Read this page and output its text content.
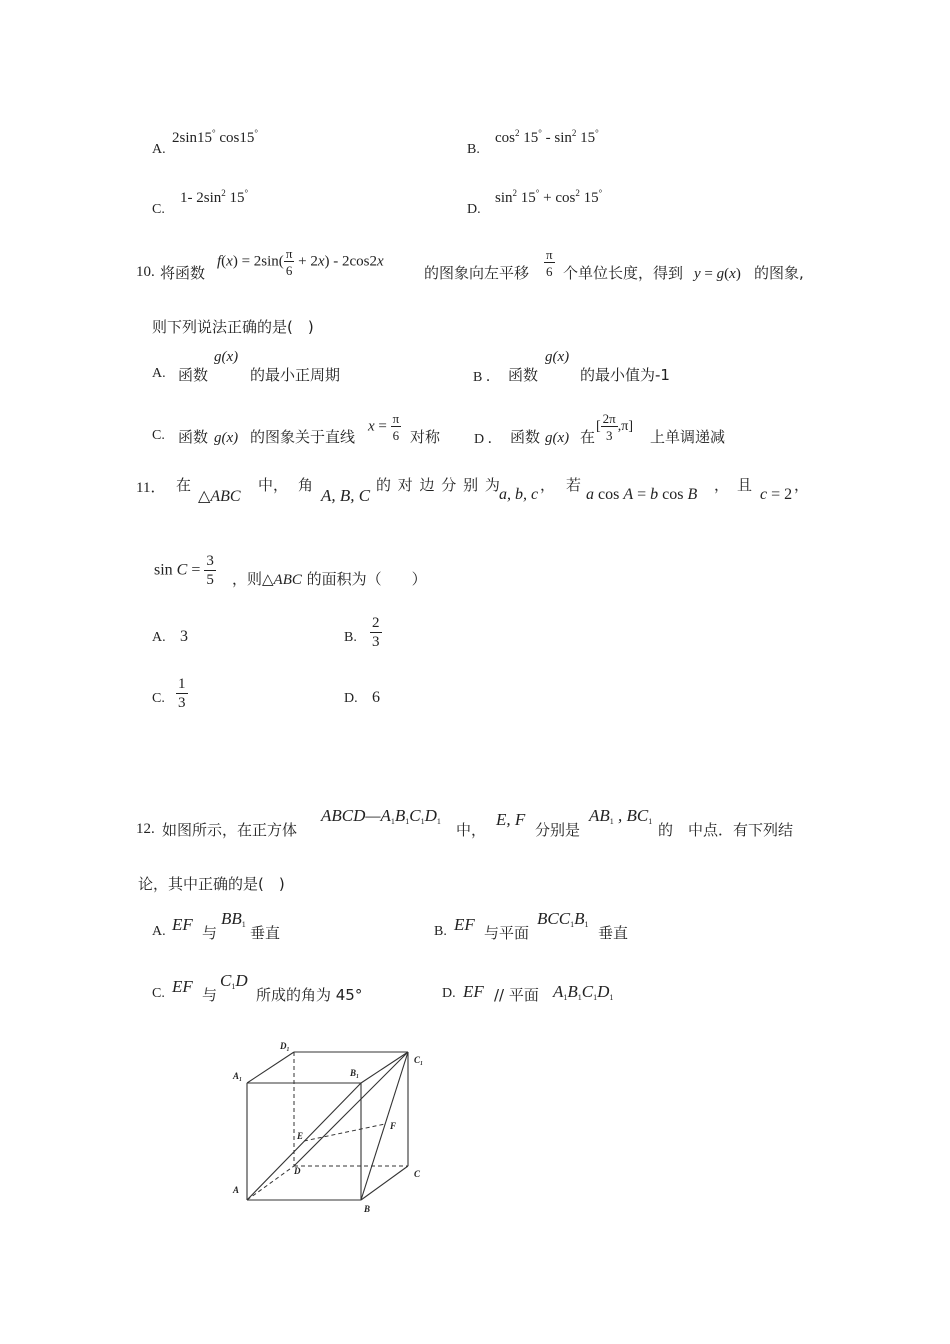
A.
2sin15° cos15°
B.
$\cos^2 15^\circ - \sin^2 15^\circ$
C.
1- $2\sin^2$ 15°
D.
$\sin^2 15^\circ + \cos^2 15^\circ$
10. 将函数
$f(x) = 2\sin( \frac{\pi}{6} + 2x) - 2\cos 2x$
的图象向左平移 $\frac{\pi}{6}$ 个单位长度，得到 y = g(x) 的图象,
则下列说法正确的是(　)
A. 函数
g(x)
的最小正周期	B ． 函数
g(x)
的最小值为-1
C. 函数 g(x) 的图象关于直线
$x = \frac{\pi}{6}$ 对称 D ． 函数 g(x) 在
[ $\frac{2\pi}{3} ,\pi$]
上单调递减
11． 在
△ABC
中， 角
A, B, C
的 对 边 分 别 为
a, b, c
， 若
a cos A = b cos B
， 且
c = 2
，
$\sin C = \frac{3}{5}$ ，则△ABC 的面积为（　　）
A. 3	B. $\frac{2}{3}$
C. $\frac{1}{3}$	D. 6
12. 如图所示，在正方体
$ABCD—A_1B_1C_1D_1$ 中，
E, F
分别是
$AB_1$ , $BC_1$ 的　中点．有下列结
论，其中正确的是(　)
A. EF 与
$BB_1$ 垂直	B. EF 与平面
$BCC_1B_1$ 垂直
C. EF 与
$C_1D$
所成的角为 45°	D. EF // 平面 $A_1B_1C_1D_1$
D₁
C₁
A₁	B₁
E
F
D	C
A
B
